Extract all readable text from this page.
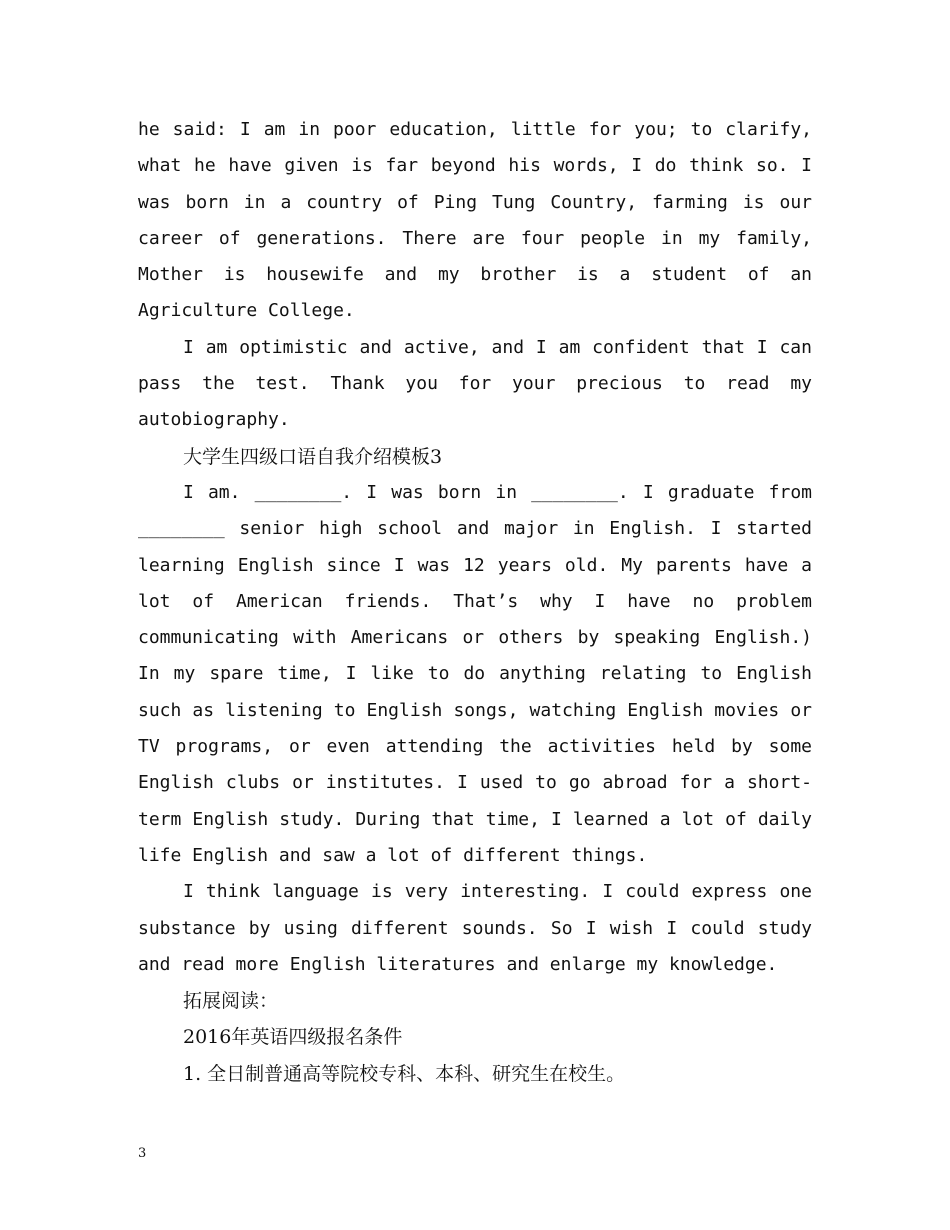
he said: I am in poor education, little for you; to clarify, what he have given is far beyond his words, I do think so. I was born in a country of Ping Tung Country, farming is our career of generations. There are four people in my family, Mother is housewife and my brother is a student of an Agriculture College.

I am optimistic and active, and I am confident that I can pass the test. Thank you for your precious to read my autobiography.

大学生四级口语自我介绍模板3

I am. ________. I was born in ________. I graduate from ________ senior high school and major in English. I started learning English since I was 12 years old. My parents have a lot of American friends. That’s why I have no problem communicating with Americans or others by speaking English.) In my spare time, I like to do anything relating to English such as listening to English songs, watching English movies or TV programs, or even attending the activities held by some English clubs or institutes. I used to go abroad for a short-term English study. During that time, I learned a lot of daily life English and saw a lot of different things.

I think language is very interesting. I could express one substance by using different sounds. So I wish I could study and read more English literatures and enlarge my knowledge.

拓展阅读：

2016年英语四级报名条件

1. 全日制普通高等院校专科、本科、研究生在校生。

3
